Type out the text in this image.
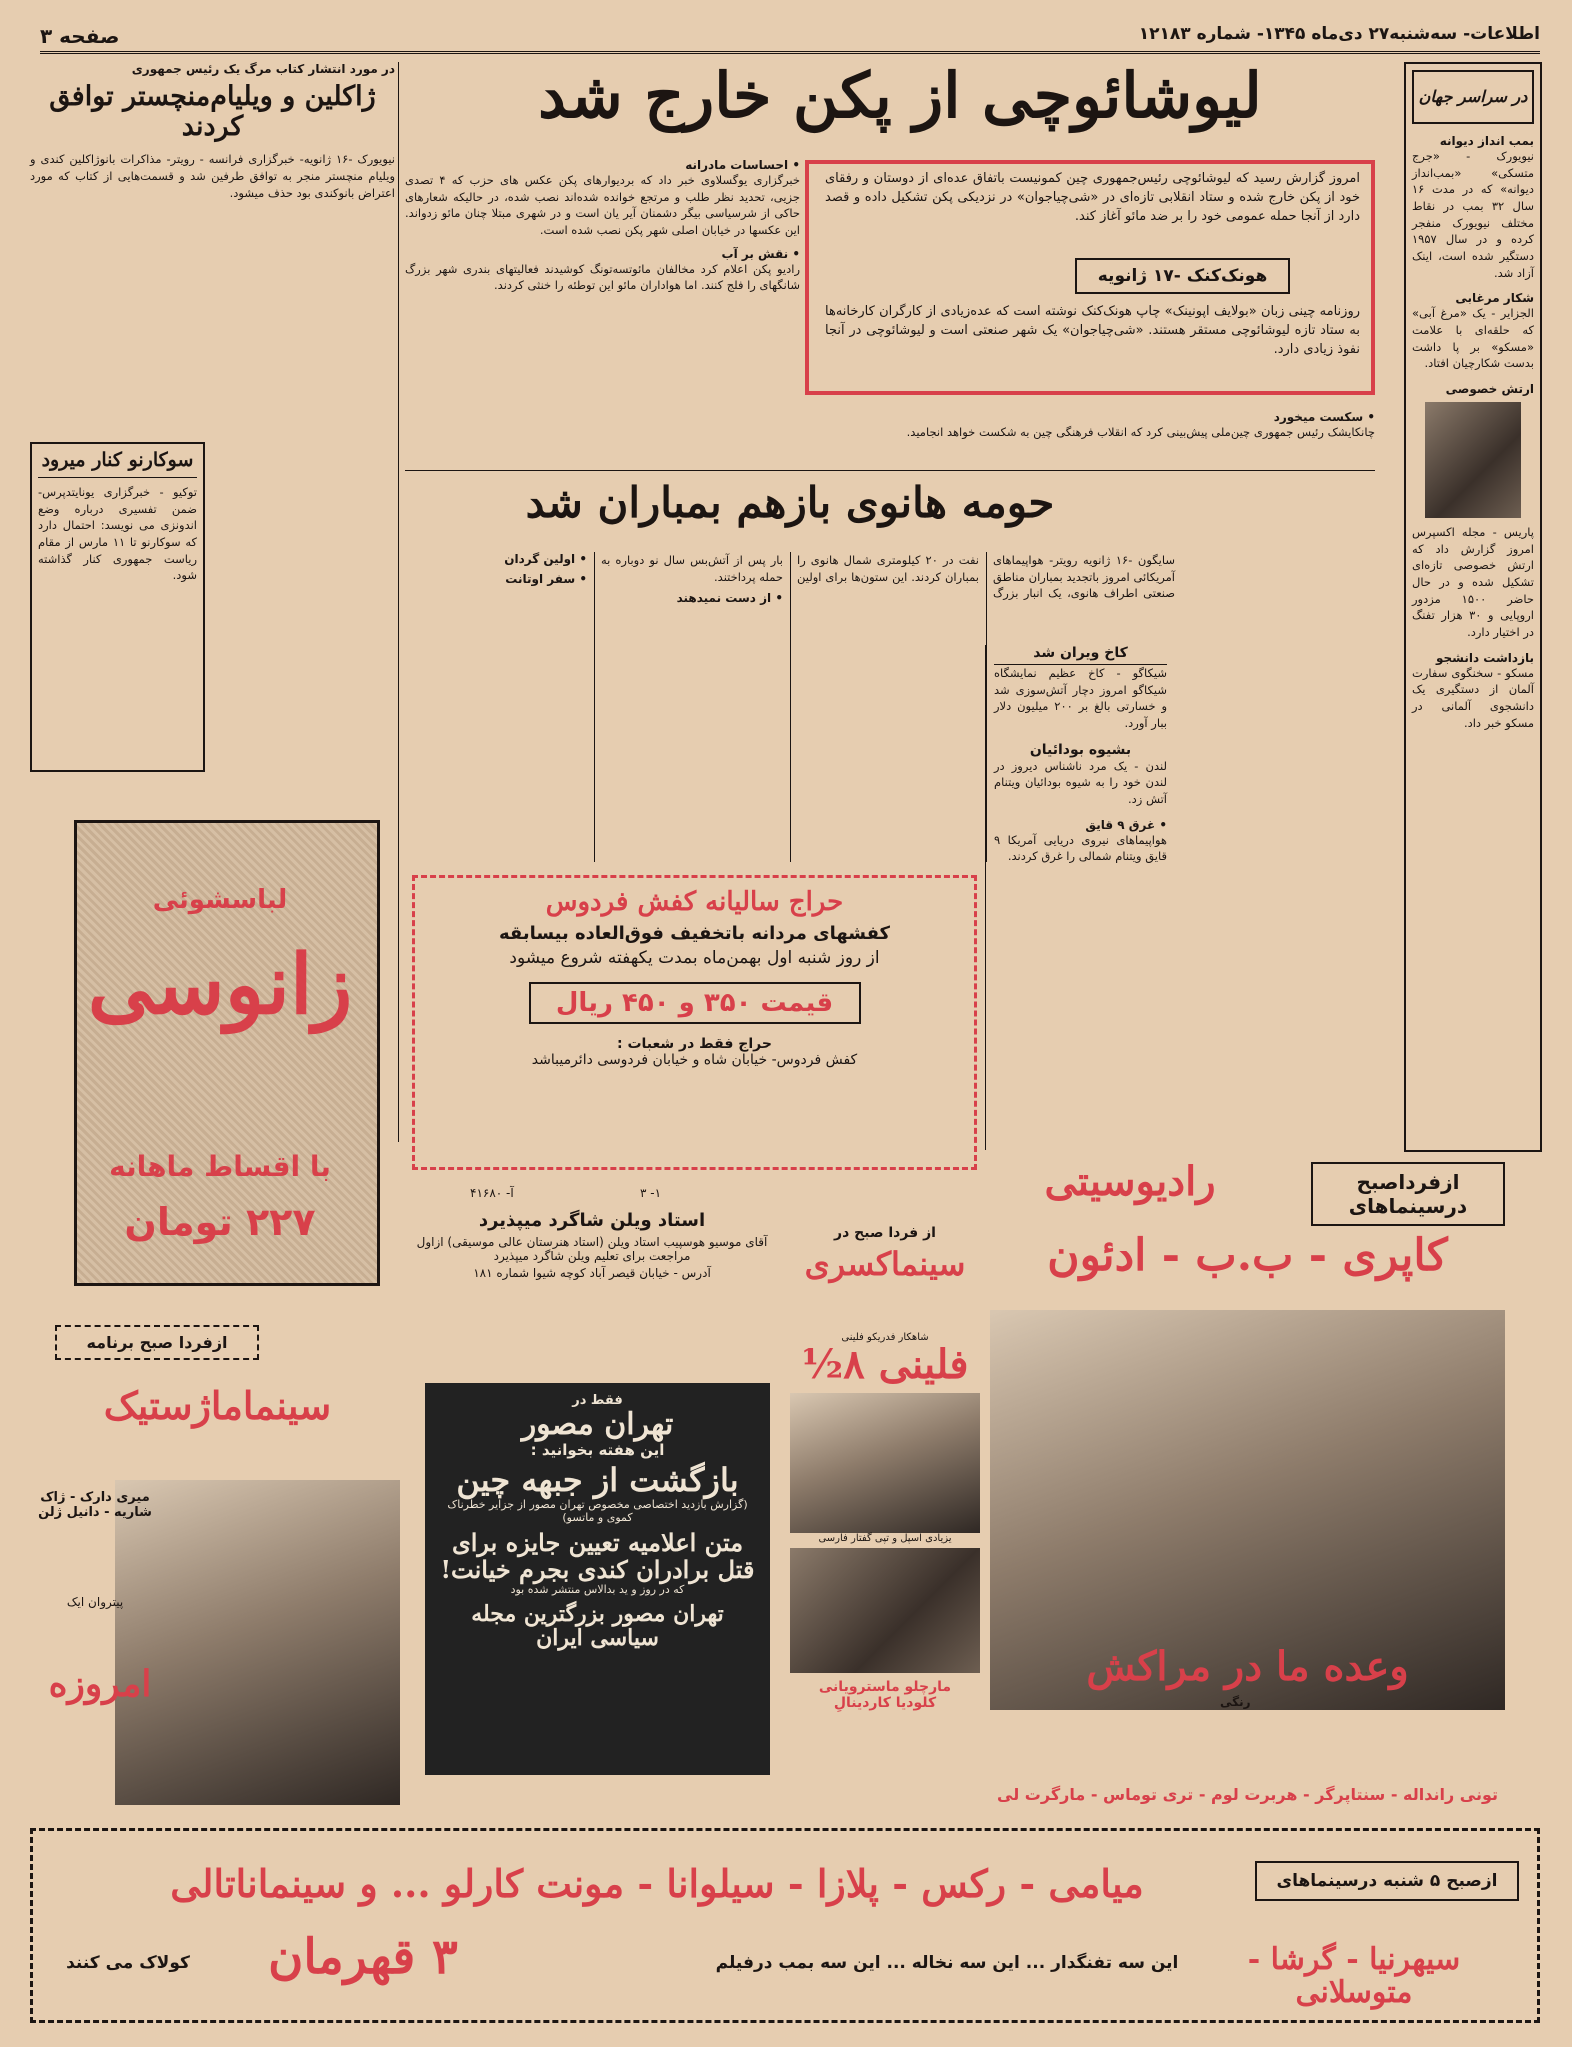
اطلاعات- سه‌شنبه۲۷ دی‌ماه ۱۳۴۵- شماره ۱۲۱۸۳
صفحه ۳
در سراسر جهان
بمب انداز دیوانه
نیویورک - «جرج متسکی» «بمب‌انداز دیوانه» که در مدت ۱۶ سال ۳۲ بمب در نقاط مختلف نیویورک منفجر کرده و در سال ۱۹۵۷ دستگیر شده است، اینک آزاد شد.
شکار مرغابی
الجزایر - یک «مرغ آبی» که حلقه‌ای با علامت «مسکو» بر پا داشت بدست شکارچیان افتاد.
ارتش خصوصی
پاریس - مجله اکسپرس امروز گزارش داد که ارتش خصوصی تازه‌ای تشکیل شده و در حال حاضر ۱۵۰۰ مزدور اروپایی و ۳۰ هزار تفنگ در اختیار دارد.
بازداشت دانشجو
مسکو - سخنگوی سفارت آلمان از دستگیری یک دانشجوی آلمانی در مسکو خبر داد.
لیوشائوچی از پکن خارج شد
امروز گزارش رسید که لیوشائوچی رئیس‌جمهوری چین کمونیست باتفاق عده‌ای از دوستان و رفقای خود از پکن خارج شده و ستاد انقلابی تازه‌ای در «شی‌چیاجوان» در نزدیکی پکن تشکیل داده و قصد دارد از آنجا حمله عمومی خود را بر ضد مائو آغاز کند.
هونک‌کنک -۱۷ ژانویه
روزنامه چینی زبان «بولایف اپونینک» چاپ هونک‌کنک نوشته است که عده‌زیادی از کارگران کارخانه‌ها به ستاد تازه لیوشائوچی مستقر هستند. «شی‌چیاجوان» یک شهر صنعتی است و لیوشائوچی در آنجا نفوذ زیادی دارد.
• احساسات مادرانه
خبرگزاری یوگسلاوی خبر داد که بردیوارهای پکن عکس های حزب که ۴ تصدی جزیی، تحدید نظر طلب و مرتجع خوانده شده‌اند نصب شده، در حالیکه شعارهای حاکی از شرسیاسی بیگر دشمنان آیر یان است و در شهری مبتلا چنان مائو زدواند. این عکسها در خیابان اصلی شهر پکن نصب شده است.
• نقش بر آب
رادیو پکن اعلام کرد مخالفان مائوتسه‌تونگ کوشیدند فعالیتهای بندری شهر بزرگ شانگهای را فلج کنند. اما هواداران مائو این توطئه را خنثی کردند.
• سکست میخورد
چانکایشک رئیس جمهوری چین‌ملی پیش‌بینی کرد که انقلاب فرهنگی چین به شکست خواهد انجامید.
حومه هانوی بازهم بمباران شد
سایگون -۱۶ ژانویه رویتر- هواپیماهای آمریکائی امروز باتجدید بمباران مناطق صنعتی اطراف هانوی، یک انبار بزرگ نفت در ۲۰ کیلومتری شمال هانوی را بمباران کردند. این ستون‌ها برای اولین بار پس از آتش‌بس سال نو دوباره به حمله پرداختند.
• از دست نمیدهند
• اولین گردان
• سفر اوتانت
کاخ ویران شد
شیکاگو - کاخ عظیم نمایشگاه شیکاگو امروز دچار آتش‌سوزی شد و خسارتی بالغ بر ۲۰۰ میلیون دلار ببار آورد.
بشیوه بودائیان
لندن - یک مرد ناشناس دیروز در لندن خود را به شیوه بودائیان ویتنام آتش زد.
• غرق ۹ قایق
هواپیماهای نیروی دریایی آمریکا ۹ قایق ویتنام شمالی را غرق کردند.
در مورد انتشار کتاب مرگ یک رئیس جمهوری
ژاکلین و ویلیام‌منچستر توافق کردند
نیویورک -۱۶ ژانویه- خبرگزاری فرانسه - رویتر- مذاکرات بانوژاکلین کندی و ویلیام منچستر منجر به توافق طرفین شد و قسمت‌هایی از کتاب که مورد اعتراض بانوکندی بود حذف میشود.
سوکارنو کنار میرود
توکیو - خبرگزاری یونایتدپرس- ضمن تفسیری درباره وضع اندونزی می نویسد: احتمال دارد که سوکارنو تا ۱۱ مارس از مقام ریاست جمهوری کنار گذاشته شود.
لباسشوئی
زانوسی
با اقساط ماهانه
۲۲۷ تومان
حراج سالیانه کفش فردوس
کفشهای مردانه باتخفیف فوق‌العاده بیسابقه
از روز شنبه اول بهمن‌ماه بمدت یکهفته شروع میشود
قیمت ۳۵۰ و ۴۵۰ ریال
حراج فقط در شعبات :
کفش فردوس- خیابان شاه و خیابان فردوسی دائرمیباشد
آ- ۴۱۶۸۰	۱- ۳
استاد ویلن شاگرد میپذیرد
آقای موسیو هوسپیب استاد ویلن (استاد هنرستان عالی موسیقی) ازاول مراجعت برای تعلیم ویلن شاگرد میپذیرد
آدرس - خیابان قیصر آباد کوچه شیوا شماره ۱۸۱
ازفرداصبح درسینماهای
رادیوسیتی
کاپری - ب.ب - ادئون
وعده ما در مراکش
رنگی
تونی رانداله - سنتاپرگر - هربرت لوم - تری توماس - مارگرت لی
از فردا صبح در
سینماکسری
شاهکار فدریکو فلینی
فلینی ۸½
یزیادی اسپل و تپی گفتار فارسی
مارچلو ماسترویانی
کلودیا کاردینالِ
فقط در
تهران مصور
این هفته بخوانید :
بازگشت از جبهه چین
(گزارش بازدید اختصاصی مخصوص تهران مصور از جزایر خطرناک کموی و ماتسو)
متن اعلامیه تعیین جایزه برای قتل برادران کندی بجرم خیانت!
که در روز و ید بدالاس منتشر شده بود
تهران مصور بزرگترین مجله سیاسی ایران
ازفردا صبح برنامه
سینماماژستیک
میری دارک - ژاک شاریه - دانیل ژلن
پیتروان ایک
امروزه
ازصبح ۵ شنبه درسینماهای
میامی - رکس - پلازا - سیلوانا - مونت کارلو ... و سینماناتالی
سیهرنیا - گرشا - متوسلانی
این سه تفنگدار ... این سه نخاله ... این سه بمب درفیلم
۳ قهرمان
کولاک می کنند
